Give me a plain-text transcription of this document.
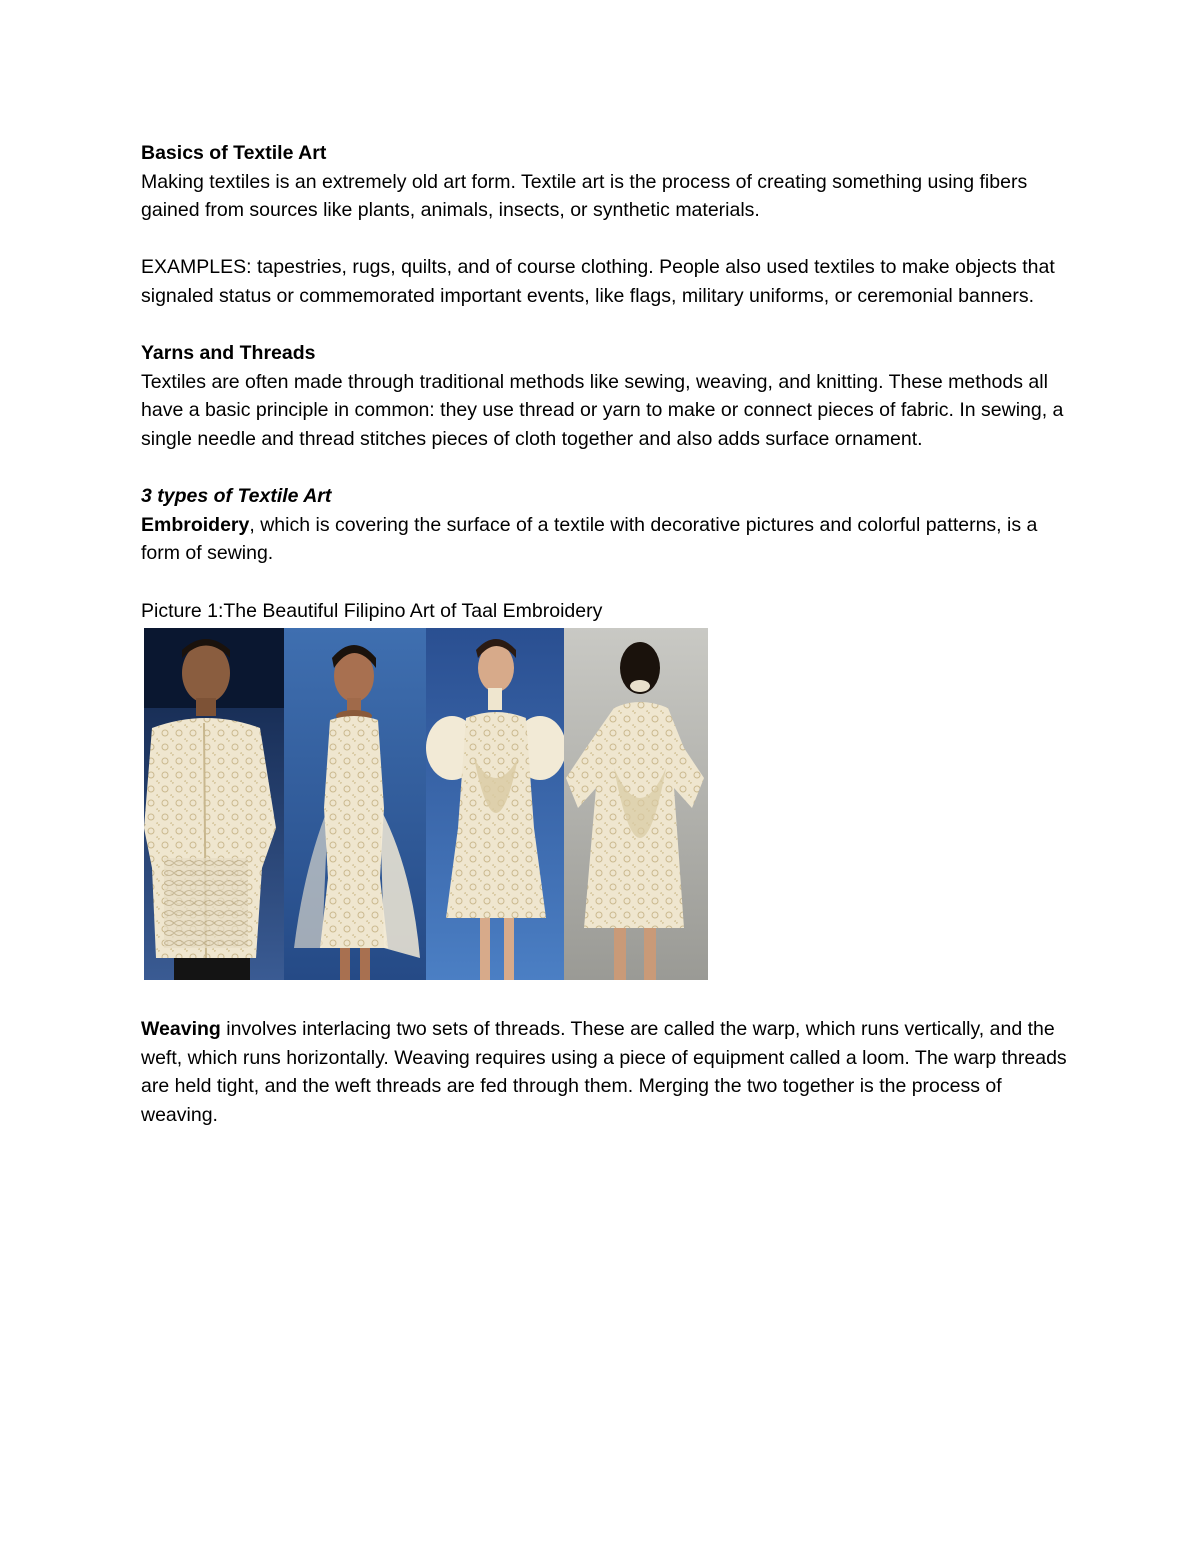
Basics of Textile Art

Making textiles is an extremely old art form. Textile art is the process of creating something using fibers gained from sources like plants, animals, insects, or synthetic materials.

EXAMPLES: tapestries, rugs, quilts, and of course clothing. People also used textiles to make objects that signaled status or commemorated important events, like flags, military uniforms, or ceremonial banners.

Yarns and Threads

Textiles are often made through traditional methods like sewing, weaving, and knitting. These methods all have a basic principle in common: they use thread or yarn to make or connect pieces of fabric. In sewing, a single needle and thread stitches pieces of cloth together and also adds surface ornament.

3 types of Textile Art

Embroidery, which is covering the surface of a textile with decorative pictures and colorful patterns, is a form of sewing.

Picture 1:The Beautiful Filipino Art of Taal Embroidery

Weaving involves interlacing two sets of threads. These are called the warp, which runs vertically, and the weft, which runs horizontally. Weaving requires using a piece of equipment called a loom. The warp threads are held tight, and the weft threads are fed through them. Merging the two together is the process of weaving.
